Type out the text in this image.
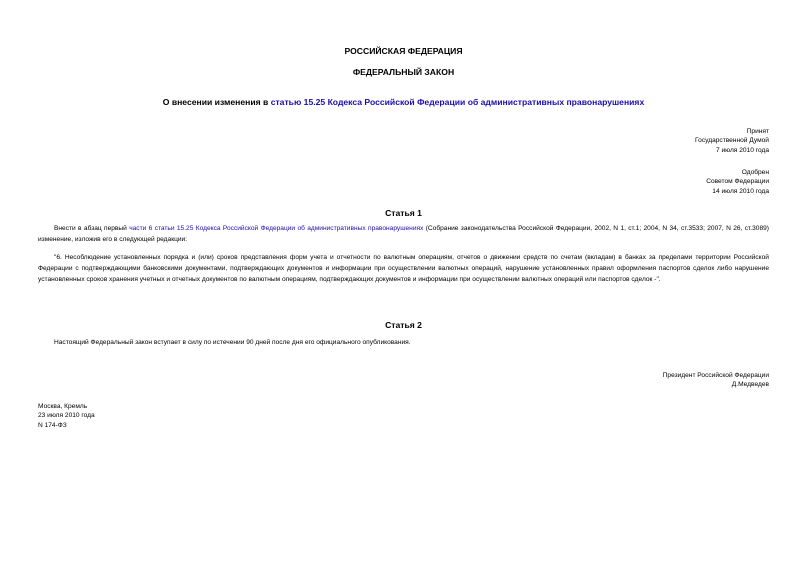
РОССИЙСКАЯ ФЕДЕРАЦИЯ
ФЕДЕРАЛЬНЫЙ ЗАКОН
О внесении изменения в статью 15.25 Кодекса Российской Федерации об административных правонарушениях
Принят
Государственной Думой
7 июля 2010 года
Одобрен
Советом Федерации
14 июля 2010 года
Статья 1
Внести в абзац первый части 6 статьи 15.25 Кодекса Российской Федерации об административных правонарушениях (Собрание законодательства Российской Федерации, 2002, N 1, ст.1; 2004, N 34, ст.3533; 2007, N 26, ст.3089) изменение, изложив его в следующей редакции:
"6. Несоблюдение установленных порядка и (или) сроков представления форм учета и отчетности по валютным операциям, отчетов о движении средств по счетам (вкладам) в банках за пределами территории Российской Федерации с подтверждающими банковскими документами, подтверждающих документов и информации при осуществлении валютных операций, нарушение установленных правил оформления паспортов сделок либо нарушение установленных сроков хранения учетных и отчетных документов по валютным операциям, подтверждающих документов и информации при осуществлении валютных операций или паспортов сделок -".
Статья 2
Настоящий Федеральный закон вступает в силу по истечении 90 дней после дня его официального опубликования.
Президент Российской Федерации
Д.Медведев
Москва, Кремль
23 июля 2010 года
N 174-ФЗ
